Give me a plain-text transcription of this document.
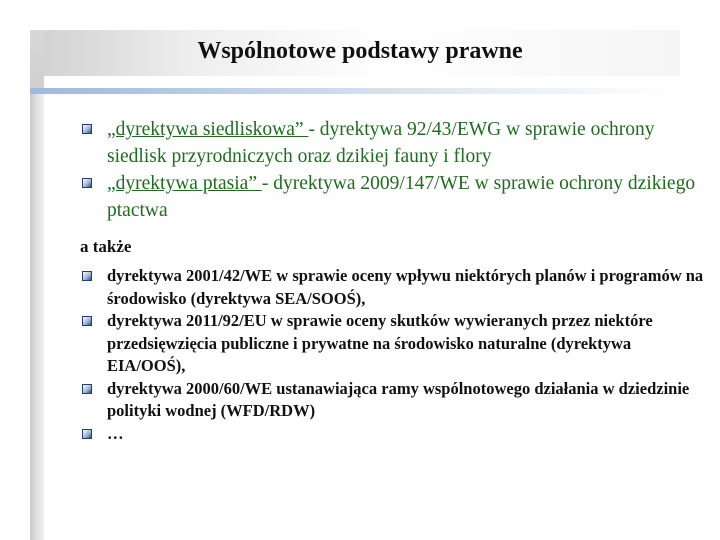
Wspólnotowe podstawy prawne
„dyrektywa siedliskowa” - dyrektywa 92/43/EWG w sprawie ochrony siedlisk przyrodniczych oraz dzikiej fauny i flory
„dyrektywa ptasia” - dyrektywa 2009/147/WE w sprawie ochrony dzikiego ptactwa
a także
dyrektywa 2001/42/WE w sprawie oceny wpływu niektórych planów i programów na środowisko (dyrektywa SEA/SOOŚ),
dyrektywa 2011/92/EU w sprawie oceny skutków wywieranych przez niektóre przedsięwzięcia publiczne i prywatne na środowisko naturalne (dyrektywa EIA/OOŚ),
dyrektywa 2000/60/WE ustanawiająca ramy wspólnotowego działania w dziedzinie polityki wodnej (WFD/RDW)
…
